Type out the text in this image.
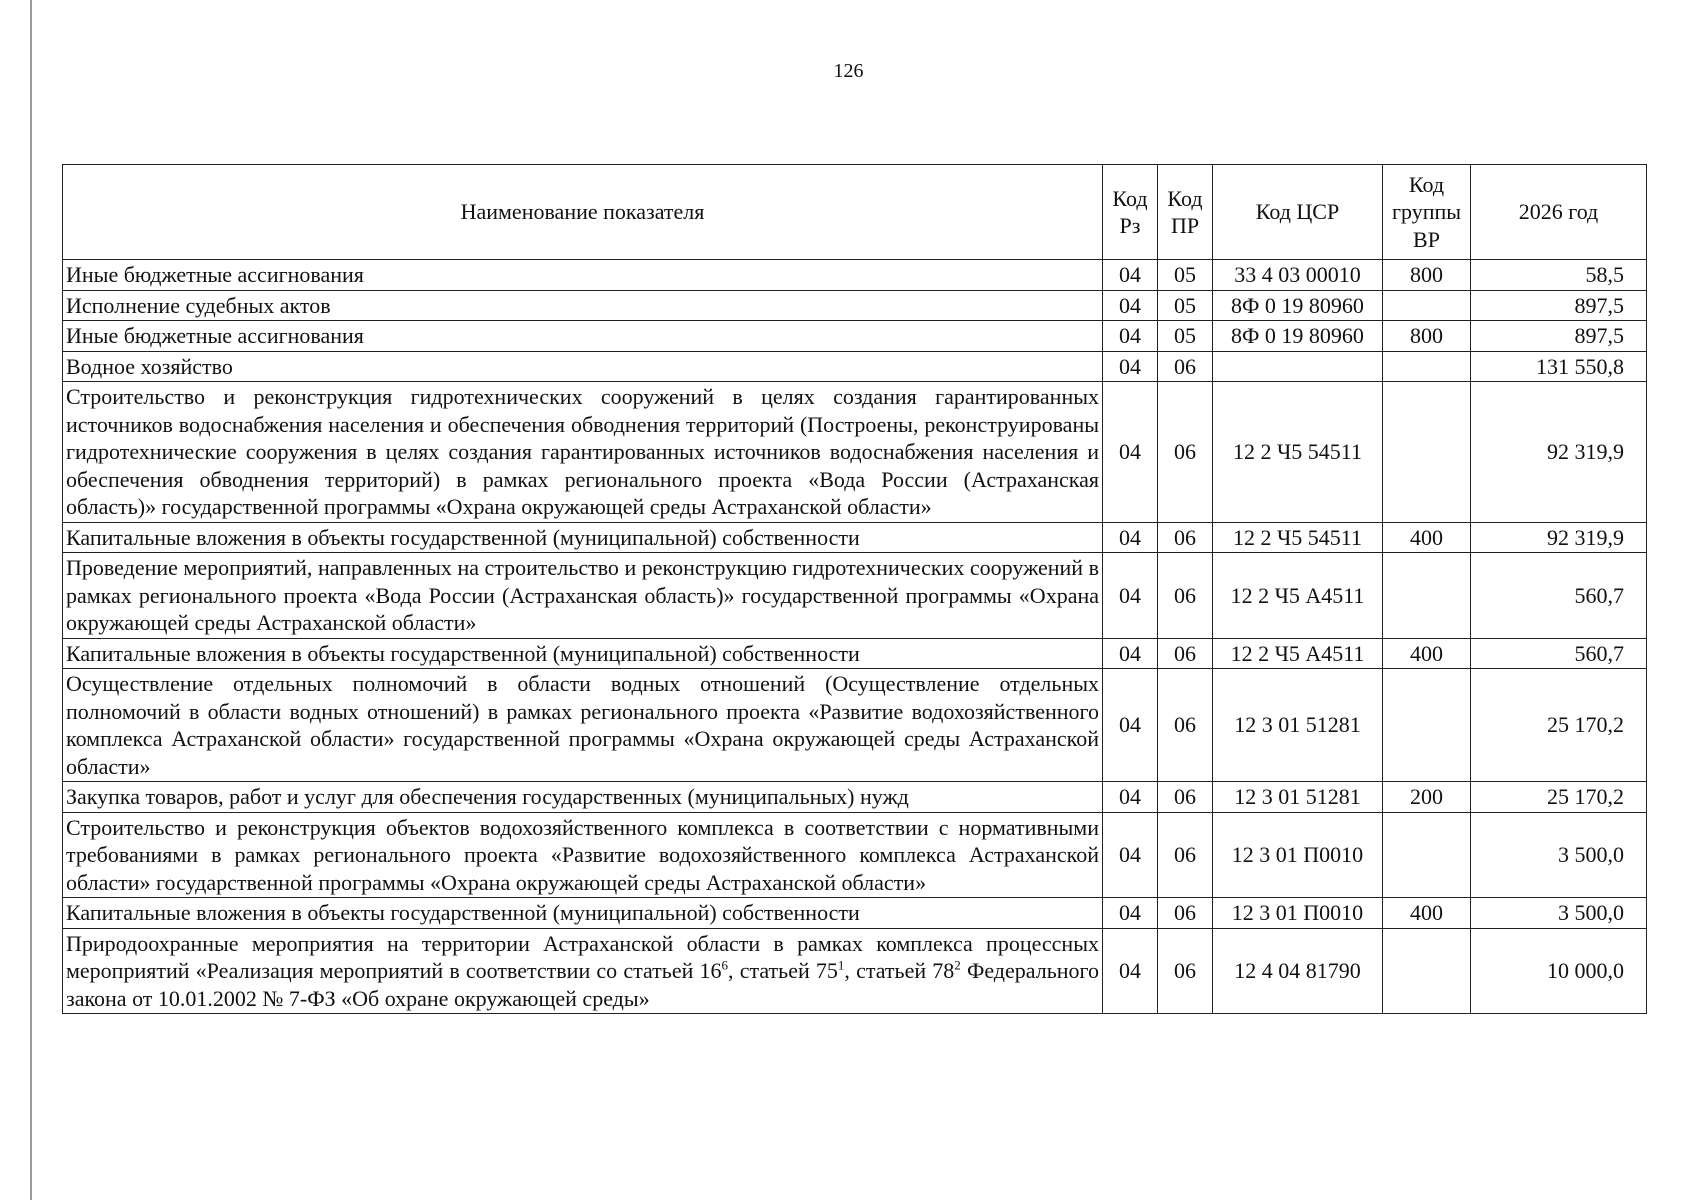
126
Наименование показателя	Код Рз	Код ПР	Код ЦСР	Код группы ВР	2026 год
Иные бюджетные ассигнования	04	05	33 4 03 00010	800	58,5
Исполнение судебных актов	04	05	8Ф 0 19 80960		897,5
Иные бюджетные ассигнования	04	05	8Ф 0 19 80960	800	897,5
Водное хозяйство	04	06			131 550,8
Строительство и реконструкция гидротехнических сооружений в целях создания гарантированных источников водоснабжения населения и обеспечения обводнения территорий (Построены, реконструированы гидротехнические сооружения в целях создания гарантированных источников водоснабжения населения и обеспечения обводнения территорий) в рамках регионального проекта «Вода России (Астраханская область)» государственной программы «Охрана окружающей среды Астраханской области»	04	06	12 2 Ч5 54511		92 319,9
Капитальные вложения в объекты государственной (муниципальной) собственности	04	06	12 2 Ч5 54511	400	92 319,9
Проведение мероприятий, направленных на строительство и реконструкцию гидротехнических сооружений в рамках регионального проекта «Вода России (Астраханская область)» государственной программы «Охрана окружающей среды Астраханской области»	04	06	12 2 Ч5 А4511		560,7
Капитальные вложения в объекты государственной (муниципальной) собственности	04	06	12 2 Ч5 А4511	400	560,7
Осуществление отдельных полномочий в области водных отношений (Осуществление отдельных полномочий в области водных отношений) в рамках регионального проекта «Развитие водохозяйственного комплекса Астраханской области» государственной программы «Охрана окружающей среды Астраханской области»	04	06	12 3 01 51281		25 170,2
Закупка товаров, работ и услуг для обеспечения государственных (муниципальных) нужд	04	06	12 3 01 51281	200	25 170,2
Строительство и реконструкция объектов водохозяйственного комплекса в соответствии с нормативными требованиями в рамках регионального проекта «Развитие водохозяйственного комплекса Астраханской области» государственной программы «Охрана окружающей среды Астраханской области»	04	06	12 3 01 П0010		3 500,0
Капитальные вложения в объекты государственной (муниципальной) собственности	04	06	12 3 01 П0010	400	3 500,0
Природоохранные мероприятия на территории Астраханской области в рамках комплекса процессных мероприятий «Реализация мероприятий в соответствии со статьей $16^6$, статьей $75^1$, статьей $78^2$ Федерального закона от 10.01.2002 № 7-ФЗ «Об охране окружающей среды»	04	06	12 4 04 81790		10 000,0
